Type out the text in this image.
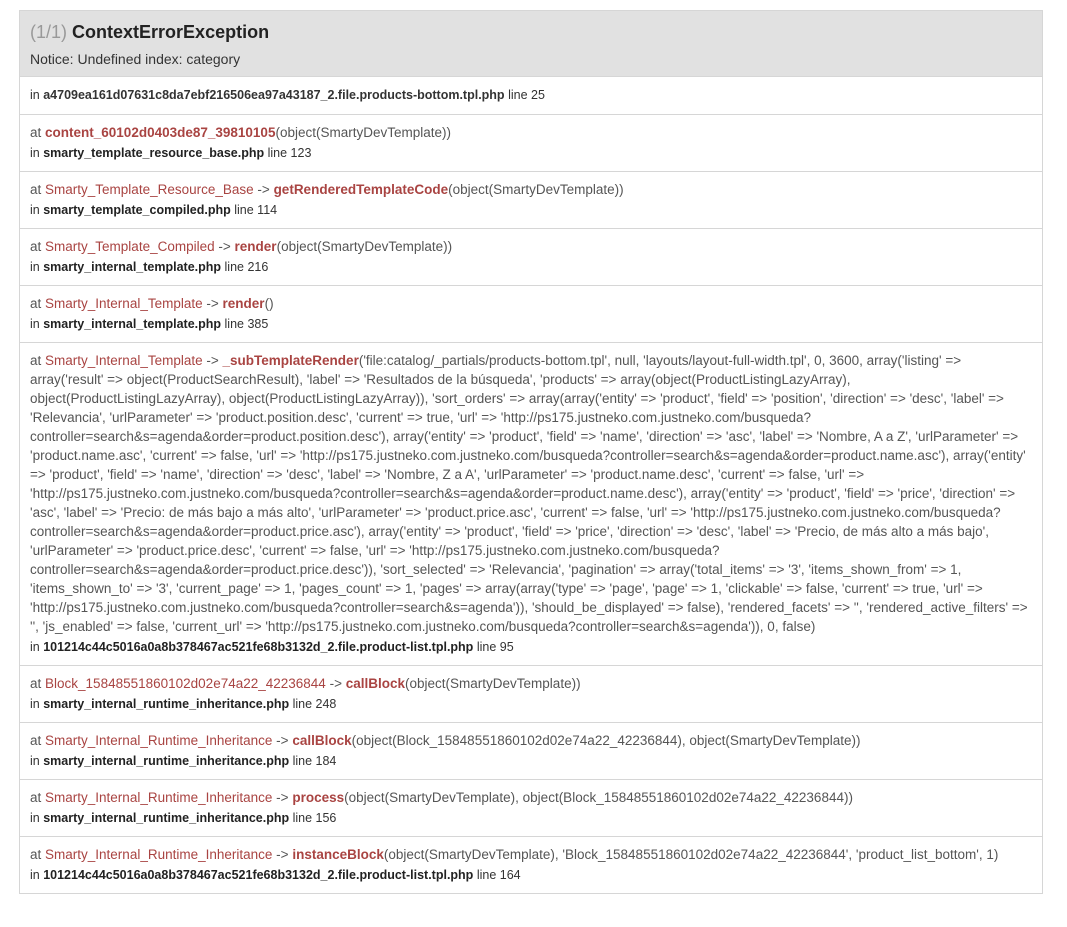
(1/1) ContextErrorException
Notice: Undefined index: category
in a4709ea161d07631c8da7ebf216506ea97a43187_2.file.products-bottom.tpl.php line 25
at content_60102d0403de87_39810105(object(SmartyDevTemplate))
in smarty_template_resource_base.php line 123
at Smarty_Template_Resource_Base -> getRenderedTemplateCode(object(SmartyDevTemplate))
in smarty_template_compiled.php line 114
at Smarty_Template_Compiled -> render(object(SmartyDevTemplate))
in smarty_internal_template.php line 216
at Smarty_Internal_Template -> render()
in smarty_internal_template.php line 385
at Smarty_Internal_Template -> _subTemplateRender('file:catalog/_partials/products-bottom.tpl', null, 'layouts/layout-full-width.tpl', 0, 3600, array('listing' => array('result' => object(ProductSearchResult), 'label' => 'Resultados de la búsqueda', 'products' => array(object(ProductListingLazyArray), object(ProductListingLazyArray), object(ProductListingLazyArray)), 'sort_orders' => array(array('entity' => 'product', 'field' => 'position', 'direction' => 'desc', 'label' => 'Relevancia', 'urlParameter' => 'product.position.desc', 'current' => true, 'url' => 'http://ps175.justneko.com.justneko.com/busqueda?controller=search&s=agenda&order=product.position.desc'), array('entity' => 'product', 'field' => 'name', 'direction' => 'asc', 'label' => 'Nombre, A a Z', 'urlParameter' => 'product.name.asc', 'current' => false, 'url' => 'http://ps175.justneko.com.justneko.com/busqueda?controller=search&s=agenda&order=product.name.asc'), array('entity' => 'product', 'field' => 'name', 'direction' => 'desc', 'label' => 'Nombre, Z a A', 'urlParameter' => 'product.name.desc', 'current' => false, 'url' => 'http://ps175.justneko.com.justneko.com/busqueda?controller=search&s=agenda&order=product.name.desc'), array('entity' => 'product', 'field' => 'price', 'direction' => 'asc', 'label' => 'Precio: de más bajo a más alto', 'urlParameter' => 'product.price.asc', 'current' => false, 'url' => 'http://ps175.justneko.com.justneko.com/busqueda?controller=search&s=agenda&order=product.price.asc'), array('entity' => 'product', 'field' => 'price', 'direction' => 'desc', 'label' => 'Precio, de más alto a más bajo', 'urlParameter' => 'product.price.desc', 'current' => false, 'url' => 'http://ps175.justneko.com.justneko.com/busqueda?controller=search&s=agenda&order=product.price.desc')), 'sort_selected' => 'Relevancia', 'pagination' => array('total_items' => '3', 'items_shown_from' => 1, 'items_shown_to' => '3', 'current_page' => 1, 'pages_count' => 1, 'pages' => array(array('type' => 'page', 'page' => 1, 'clickable' => false, 'current' => true, 'url' => 'http://ps175.justneko.com.justneko.com/busqueda?controller=search&s=agenda')), 'should_be_displayed' => false), 'rendered_facets' => '', 'rendered_active_filters' => '', 'js_enabled' => false, 'current_url' => 'http://ps175.justneko.com.justneko.com/busqueda?controller=search&s=agenda')), 0, false)
in 101214c44c5016a0a8b378467ac521fe68b3132d_2.file.product-list.tpl.php line 95
at Block_15848551860102d02e74a22_42236844 -> callBlock(object(SmartyDevTemplate))
in smarty_internal_runtime_inheritance.php line 248
at Smarty_Internal_Runtime_Inheritance -> callBlock(object(Block_15848551860102d02e74a22_42236844), object(SmartyDevTemplate))
in smarty_internal_runtime_inheritance.php line 184
at Smarty_Internal_Runtime_Inheritance -> process(object(SmartyDevTemplate), object(Block_15848551860102d02e74a22_42236844))
in smarty_internal_runtime_inheritance.php line 156
at Smarty_Internal_Runtime_Inheritance -> instanceBlock(object(SmartyDevTemplate), 'Block_15848551860102d02e74a22_42236844', 'product_list_bottom', 1)
in 101214c44c5016a0a8b378467ac521fe68b3132d_2.file.product-list.tpl.php line 164
